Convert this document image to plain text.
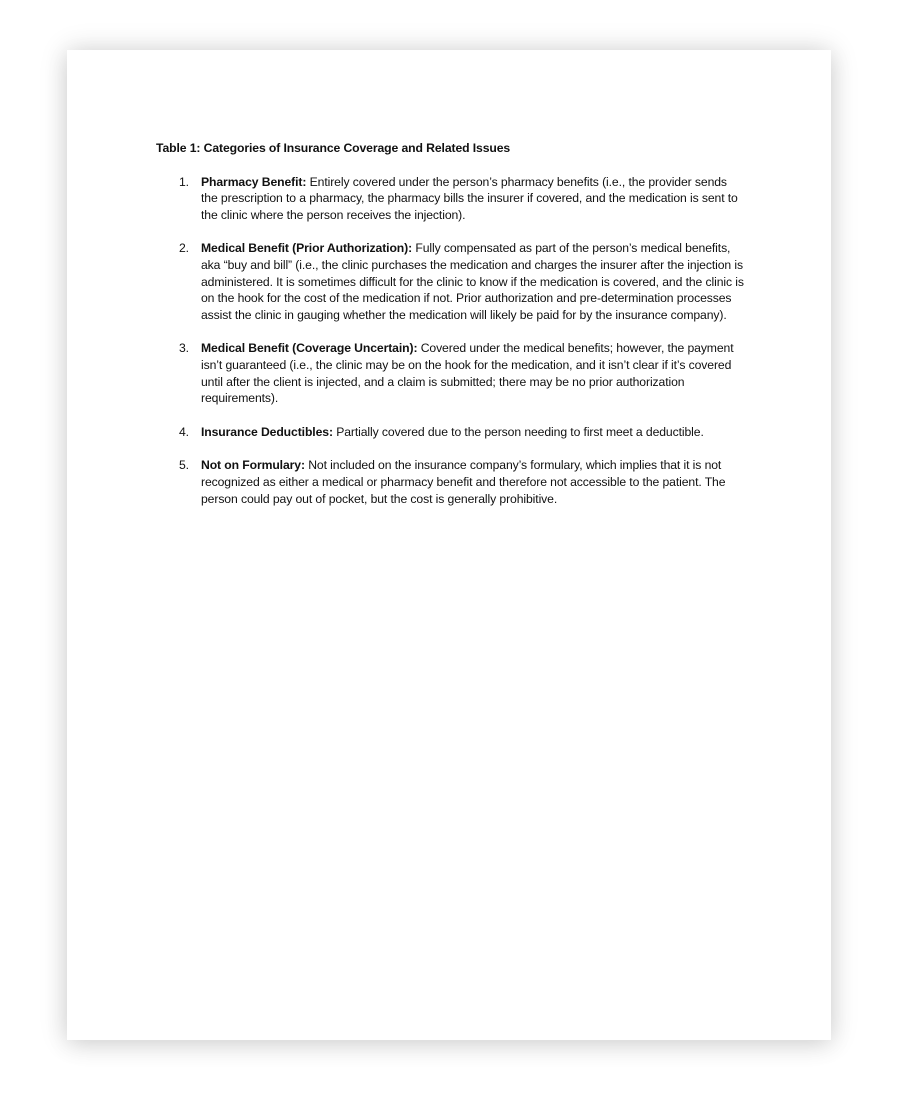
Table 1: Categories of Insurance Coverage and Related Issues

1. Pharmacy Benefit: Entirely covered under the person’s pharmacy benefits (i.e., the provider sends the prescription to a pharmacy, the pharmacy bills the insurer if covered, and the medication is sent to the clinic where the person receives the injection).
2. Medical Benefit (Prior Authorization): Fully compensated as part of the person’s medical benefits, aka “buy and bill” (i.e., the clinic purchases the medication and charges the insurer after the injection is administered. It is sometimes difficult for the clinic to know if the medication is covered, and the clinic is on the hook for the cost of the medication if not. Prior authorization and pre-determination processes assist the clinic in gauging whether the medication will likely be paid for by the insurance company).
3. Medical Benefit (Coverage Uncertain): Covered under the medical benefits; however, the payment isn’t guaranteed (i.e., the clinic may be on the hook for the medication, and it isn’t clear if it’s covered until after the client is injected, and a claim is submitted; there may be no prior authorization requirements).
4. Insurance Deductibles: Partially covered due to the person needing to first meet a deductible.
5. Not on Formulary: Not included on the insurance company’s formulary, which implies that it is not recognized as either a medical or pharmacy benefit and therefore not accessible to the patient. The person could pay out of pocket, but the cost is generally prohibitive.
